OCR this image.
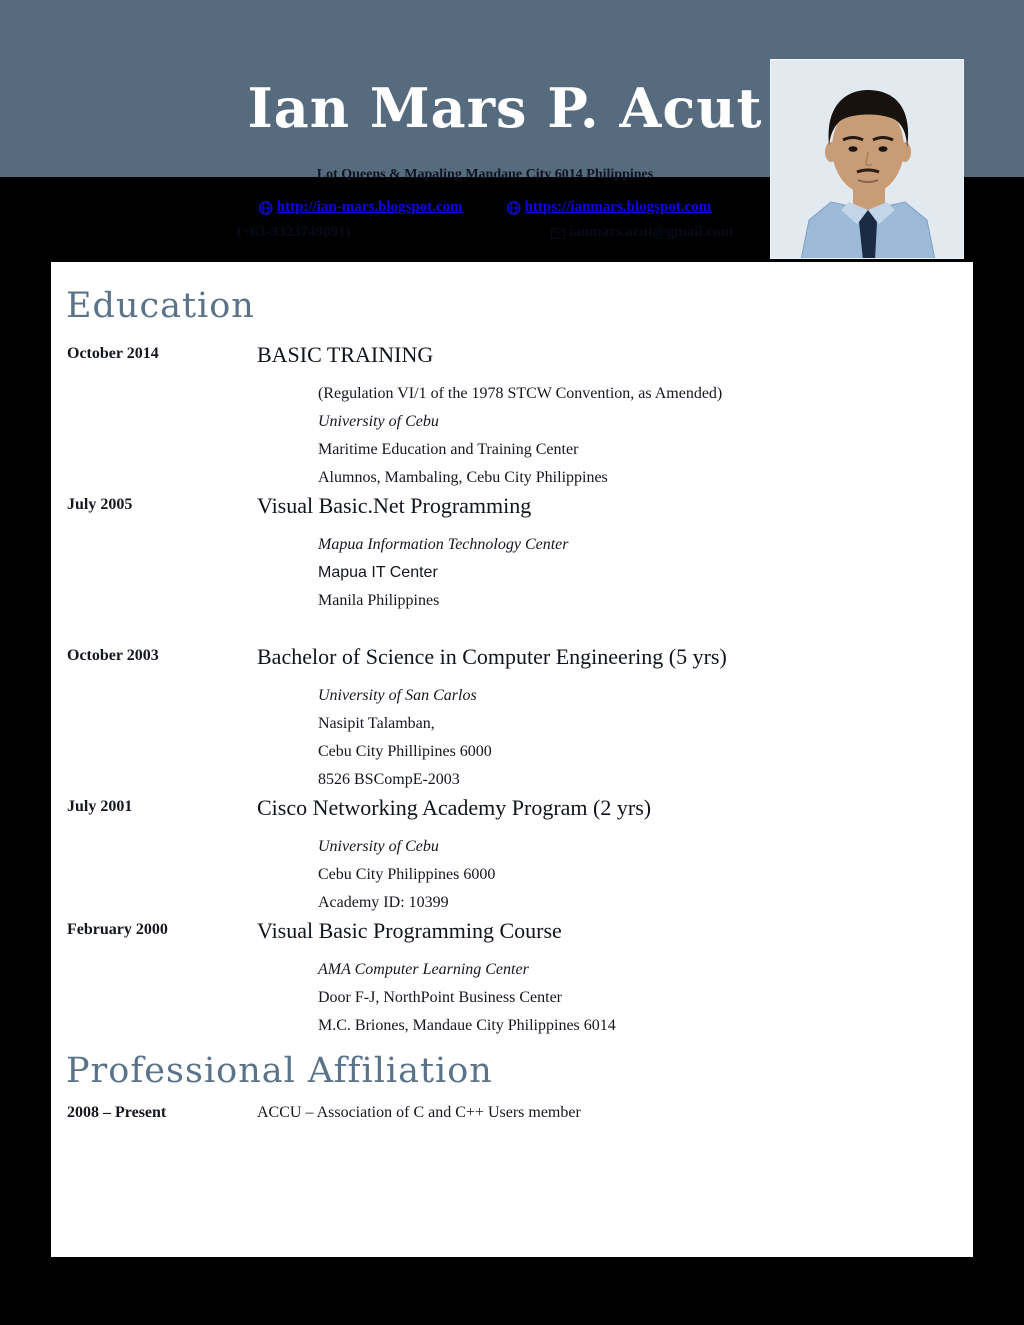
Ian Mars P. Acut
Lot Queens & Mapaling Mandaue City 6014 Philippines
http://ian-mars.blogspot.com	https://ianmars.blogspot.com
(+63-9323749091)	ianmars.acut@gmail.com
Education
October 2014	BASIC TRAINING
(Regulation VI/1 of the 1978 STCW Convention, as Amended)
University of Cebu
Maritime Education and Training Center
Alumnos, Mambaling, Cebu City Philippines
July 2005	Visual Basic.Net Programming
Mapua Information Technology Center
Mapua IT Center
Manila Philippines
October 2003	Bachelor of Science in Computer Engineering (5 yrs)
University of San Carlos
Nasipit Talamban,
Cebu City Phillipines 6000
8526 BSCompE-2003
July 2001	Cisco Networking Academy Program (2 yrs)
University of Cebu
Cebu City Philippines 6000
Academy ID: 10399
February 2000	Visual Basic Programming Course
AMA Computer Learning Center
Door F-J, NorthPoint Business Center
M.C. Briones, Mandaue City Philippines 6014
Professional Affiliation
2008 – Present	ACCU – Association of C and C++ Users member
